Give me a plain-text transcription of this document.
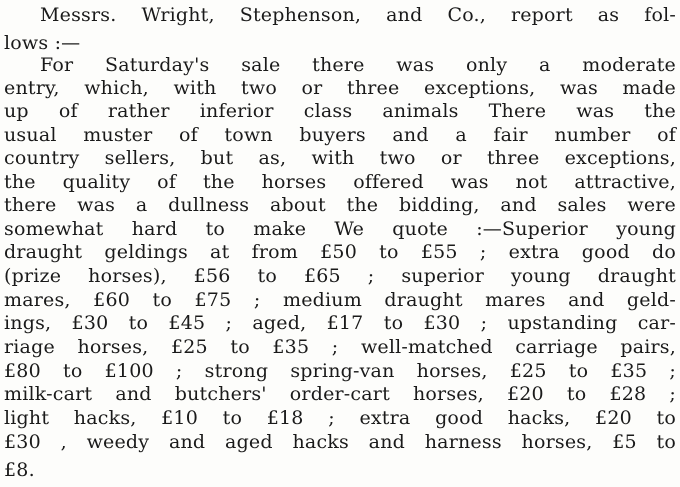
Messrs. Wright, Stephenson, and Co., report as fol-
lows :—
For Saturday's sale there was only a moderate
entry, which, with two or three exceptions, was made
up of rather inferior class animals There was the
usual muster of town buyers and a fair number of
country sellers, but as, with two or three exceptions,
the quality of the horses offered was not attractive,
there was a dullness about the bidding, and sales were
somewhat hard to make We quote :—Superior young
draught geldings at from £50 to £55 ; extra good do
(prize horses), £56 to £65 ; superior young draught
mares, £60 to £75 ; medium draught mares and geld-
ings, £30 to £45 ; aged, £17 to £30 ; upstanding car-
riage horses, £25 to £35 ; well-matched carriage pairs,
£80 to £100 ; strong spring-van horses, £25 to £35 ;
milk-cart and butchers' order-cart horses, £20 to £28 ;
light hacks, £10 to £18 ; extra good hacks, £20 to
£30 , weedy and aged hacks and harness horses, £5 to
£8.
